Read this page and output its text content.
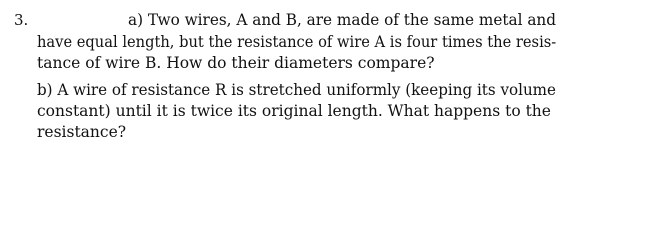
3.	a) Two wires, A and B, are made of the same metal and
have equal length, but the resistance of wire A is four times the resis-
tance of wire B. How do their diameters compare?
b) A wire of resistance R is stretched uniformly (keeping its volume
constant) until it is twice its original length. What happens to the
resistance?
